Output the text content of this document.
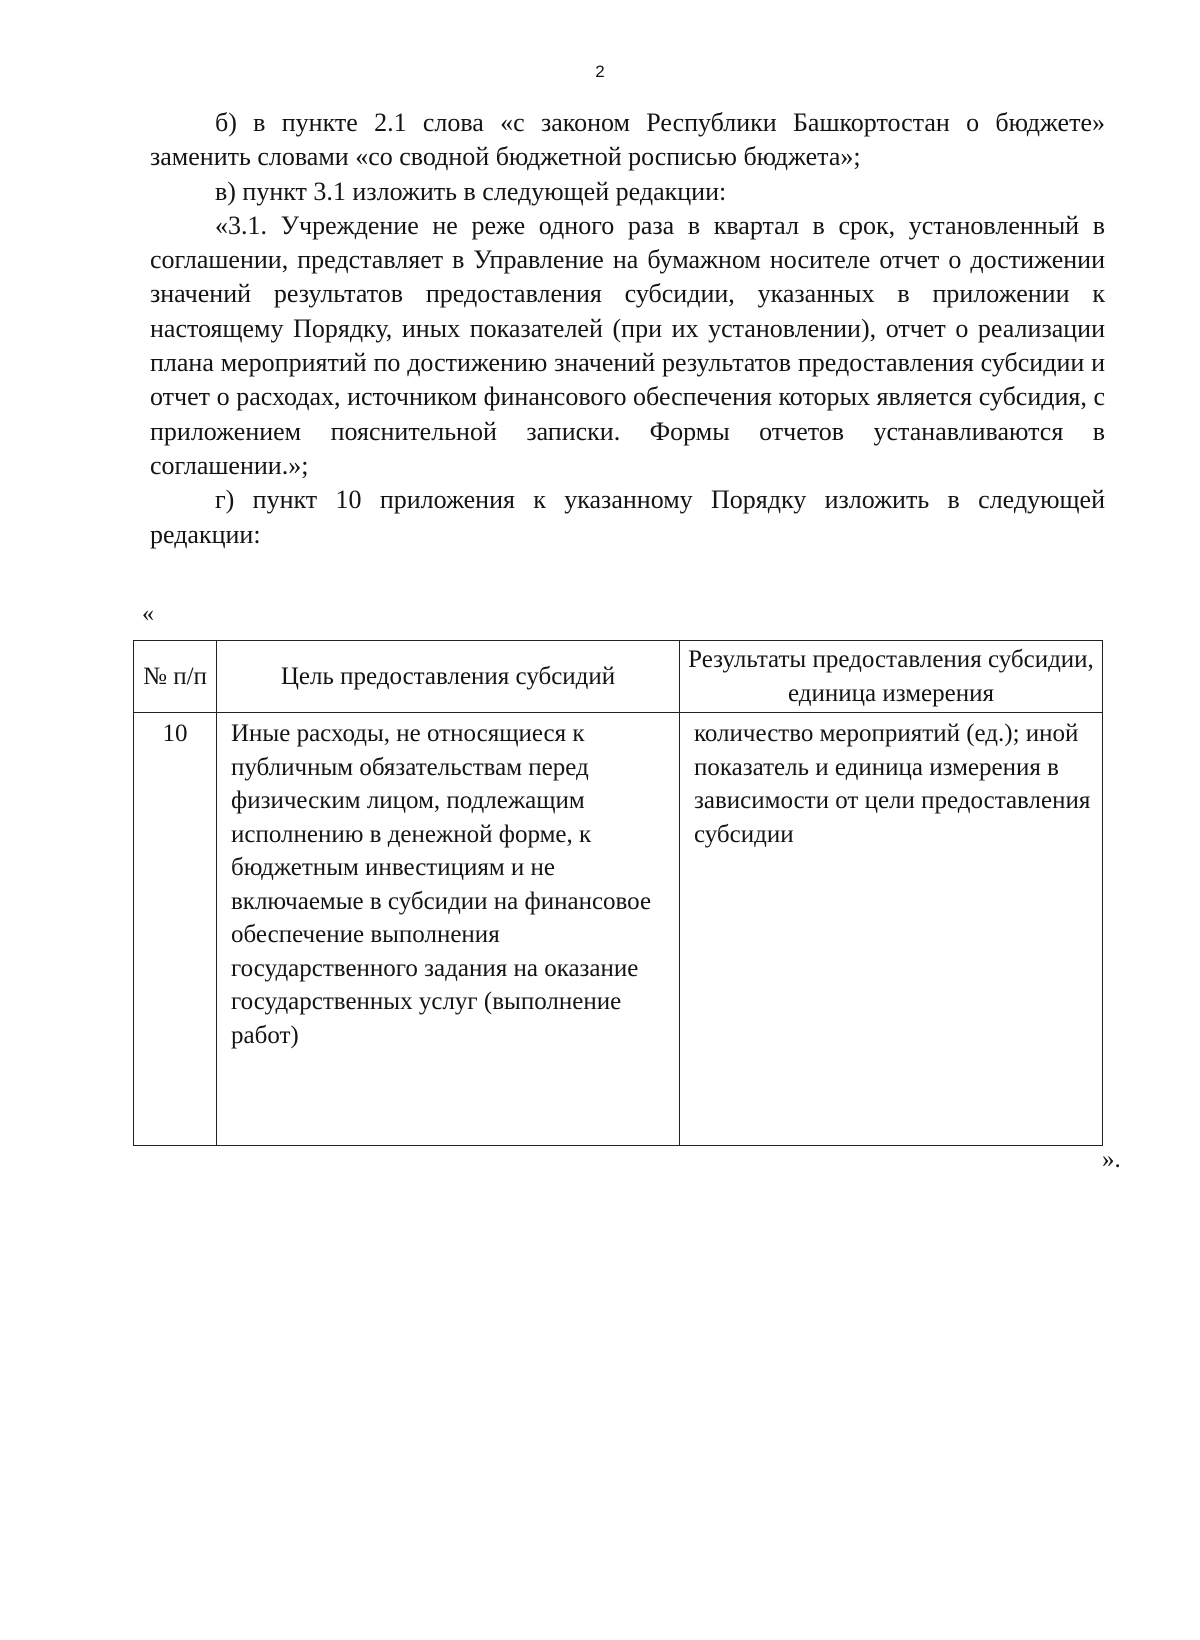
2

б) в пункте 2.1 слова «с законом Республики Башкортостан о бюджете» заменить словами «со сводной бюджетной росписью бюджета»;

в) пункт 3.1 изложить в следующей редакции:

«3.1. Учреждение не реже одного раза в квартал в срок, установленный в соглашении, представляет в Управление на бумажном носителе отчет о достижении значений результатов предоставления субсидии, указанных в приложении к настоящему Порядку, иных показателей (при их установлении), отчет о реализации плана мероприятий по достижению значений результатов предоставления субсидии и отчет о расходах, источником финансового обеспечения которых является субсидия, с приложением пояснительной записки. Формы отчетов устанавливаются в соглашении.»;

г) пункт 10 приложения к указанному Порядку изложить в следующей редакции:

«
№ п/п	Цель предоставления субсидий	Результаты предоставления субсидии, единица измерения
10	Иные расходы, не относящиеся к публичным обязательствам перед физическим лицом, подлежащим исполнению в денежной форме, к бюджетным инвестициям и не включаемые в субсидии на финансовое обеспечение выполнения государственного задания на оказание государственных услуг (выполнение работ)	количество мероприятий (ед.); иной показатель и единица измерения в зависимости от цели предоставления субсидии
».
